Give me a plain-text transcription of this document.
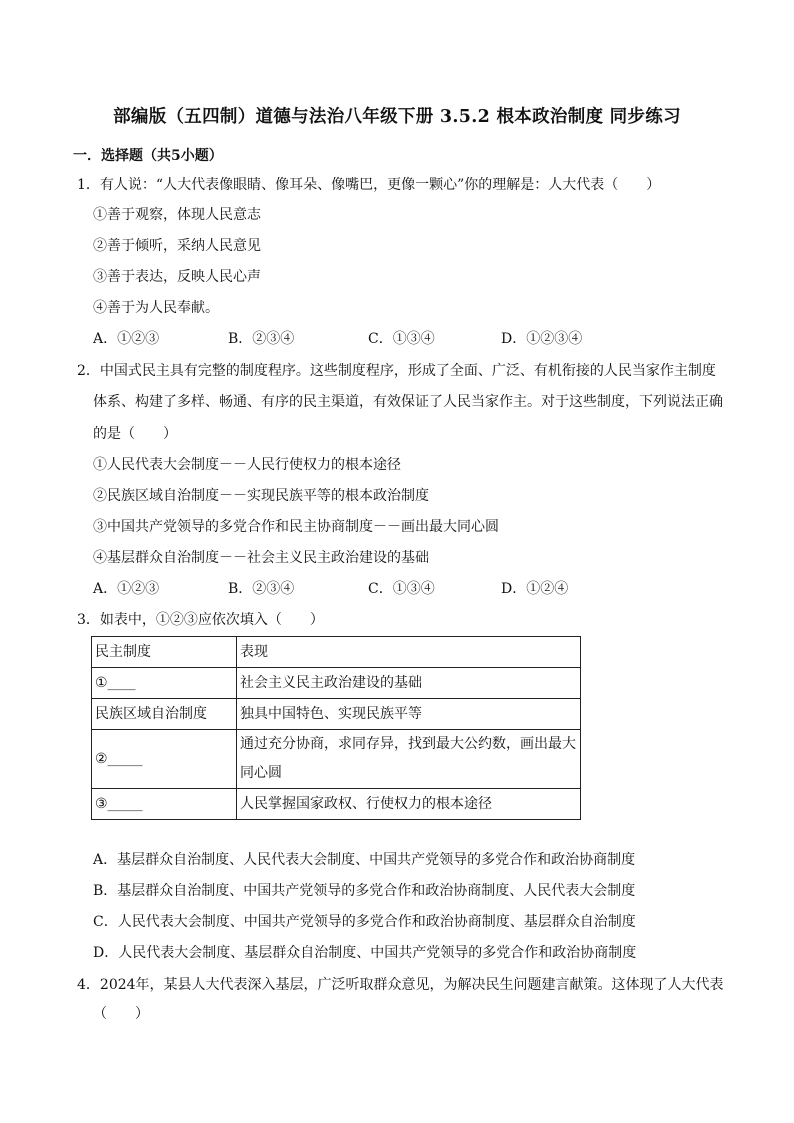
部编版（五四制）道德与法治八年级下册 3.5.2 根本政治制度 同步练习
一．选择题（共5小题）
1．有人说：“人大代表像眼睛、像耳朵、像嘴巴，更像一颗心”你的理解是：人大代表（　　）
①善于观察，体现人民意志
②善于倾听，采纳人民意见
③善于表达，反映人民心声
④善于为人民奉献。
A．①②③	B．②③④	C．①③④	D．①②③④
2．中国式民主具有完整的制度程序。这些制度程序，形成了全面、广泛、有机衔接的人民当家作主制度
体系、构建了多样、畅通、有序的民主渠道，有效保证了人民当家作主。对于这些制度，下列说法正确
的是（　　）
①人民代表大会制度－－人民行使权力的根本途径
②民族区域自治制度－－实现民族平等的根本政治制度
③中国共产党领导的多党合作和民主协商制度－－画出最大同心圆
④基层群众自治制度－－社会主义民主政治建设的基础
A．①②③	B．②③④	C．①③④	D．①②④
3．如表中，①②③应依次填入（　　）
民主制度	表现
①____	社会主义民主政治建设的基础
民族区域自治制度	独具中国特色、实现民族平等
②_____	通过充分协商，求同存异，找到最大公约数，画出最大
同心圆

③_____	人民掌握国家政权、行使权力的根本途径
A．基层群众自治制度、人民代表大会制度、中国共产党领导的多党合作和政治协商制度
B．基层群众自治制度、中国共产党领导的多党合作和政治协商制度、人民代表大会制度
C．人民代表大会制度、中国共产党领导的多党合作和政治协商制度、基层群众自治制度
D．人民代表大会制度、基层群众自治制度、中国共产党领导的多党合作和政治协商制度
4．2024年，某县人大代表深入基层，广泛听取群众意见，为解决民生问题建言献策。这体现了人大代表
（　　）
